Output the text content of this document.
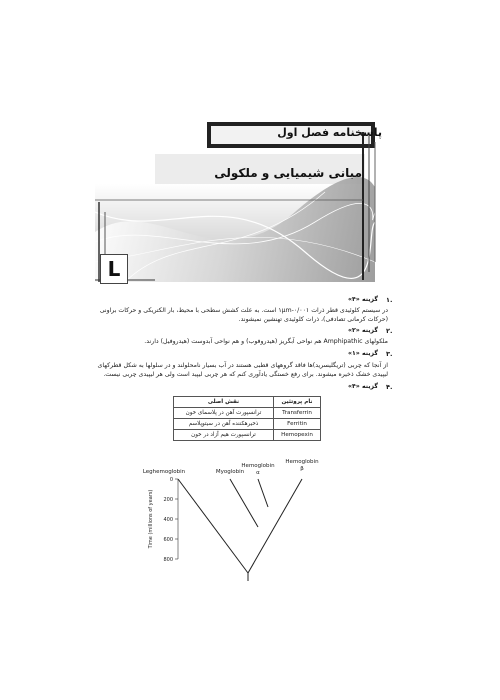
پاسخنامه فصل اول
مبانی شیمیایی و ملکولی
L
۱.
گزینه «۴»
در سیستم کلوئیدی قطر ذرات ۰/۰۰۱-۱µm است. به علت کشش سطحی با محیط، بار الکتریکی و حرکات براونی
(حرکات کرمانی تصادفی)، ذرات کلوئیدی تهنشین نمیشوند.
۲.
گزینه «۲»
ملکولهای Amphipathic هم نواحی آبگریز (هیدروفوب) و هم نواحی آبدوست (هیدروفیل) دارند.
۳.
گزینه «۱»
از آنجا که چربی (تریگلیسرید)ها فاقد گروههای قطبی هستند در آب بسیار نامحلولند و در سلولها به شکل قطرکهای
لیپیدی خشک ذخیره میشوند. برای رفع خستگی یادآوری کنم که هر چربی لیپید است ولی هر لیپیدی چربی نیست.
۴.
گزینه «۴»
نام پروتئین	نقش اصلی
Transferrin	ترانسپورت آهن در پلاسمای خون
Ferritin	ذخیرهکننده آهن در سیتوپلاسم
Hemopexin	ترانسپورت هیم آزاد در خون
Leghemoglobin	Myoglobin
Hemoglobin
α
Hemoglobin
β
0
200
400
600
800
Time (millions of years)
